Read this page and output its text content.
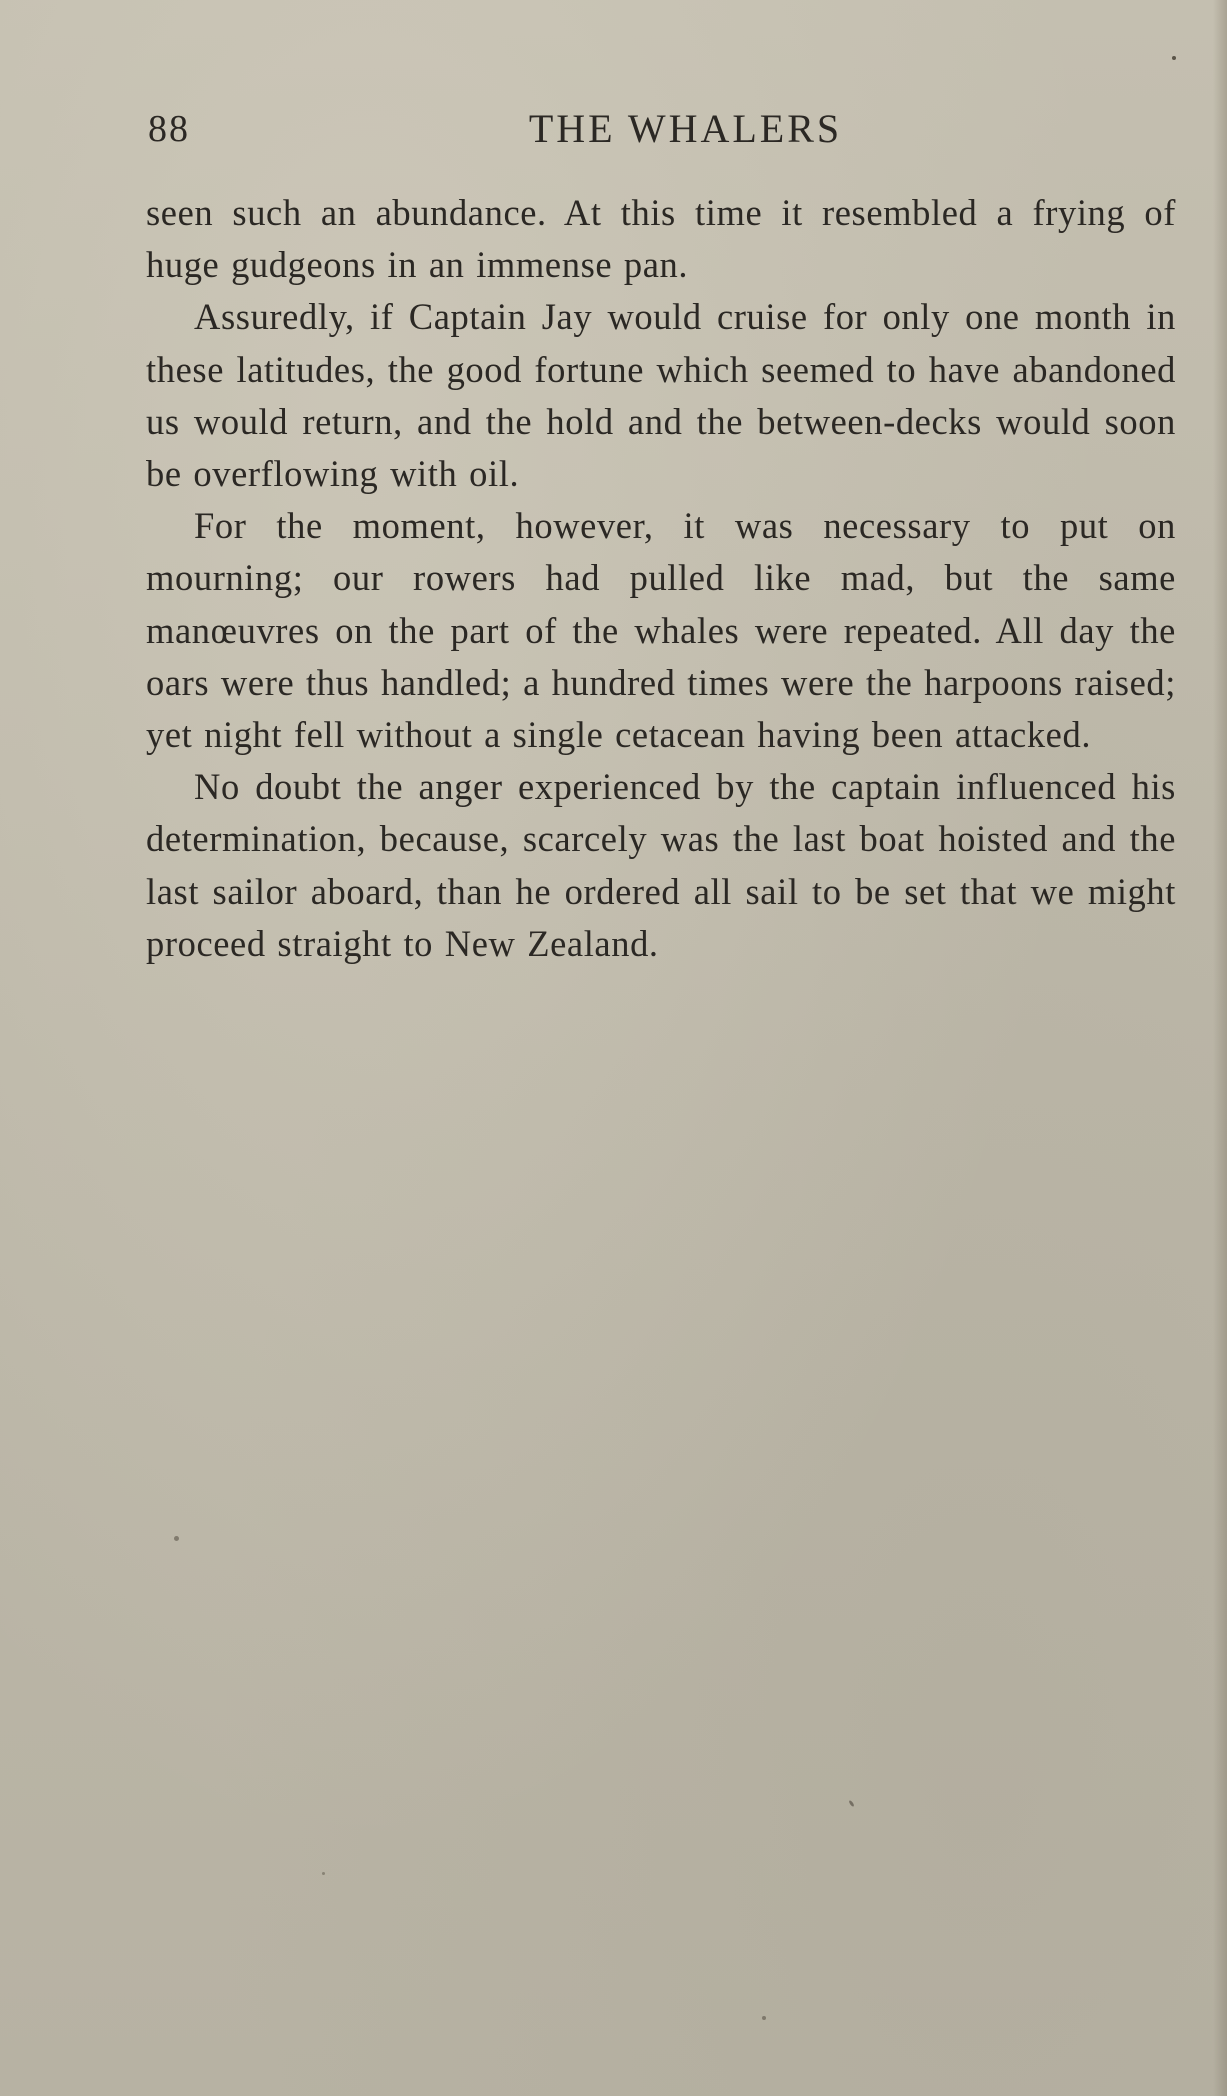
88	THE WHALERS

seen such an abundance. At this time it resembled a frying of huge gudgeons in an immense pan.

Assuredly, if Captain Jay would cruise for only one month in these latitudes, the good fortune which seemed to have abandoned us would return, and the hold and the between-decks would soon be overflowing with oil.

For the moment, however, it was necessary to put on mourning; our rowers had pulled like mad, but the same manœuvres on the part of the whales were repeated. All day the oars were thus handled; a hundred times were the harpoons raised; yet night fell without a single cetacean having been attacked.

No doubt the anger experienced by the captain influenced his determination, because, scarcely was the last boat hoisted and the last sailor aboard, than he ordered all sail to be set that we might proceed straight to New Zealand.
